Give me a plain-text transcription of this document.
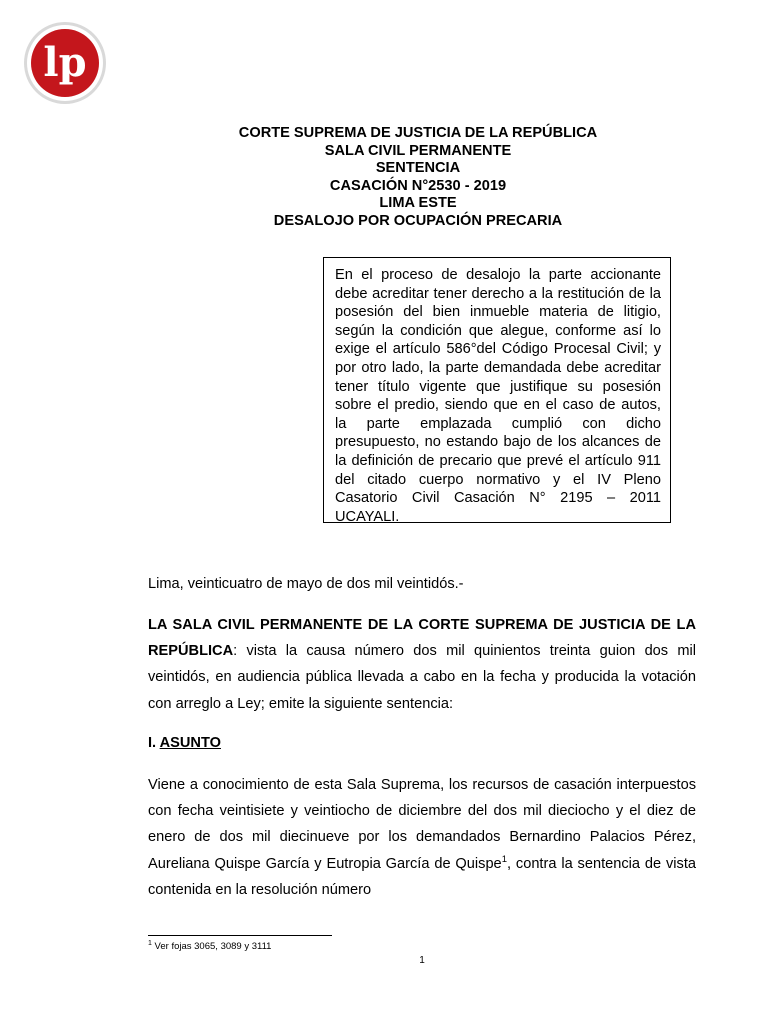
lp
CORTE SUPREMA DE JUSTICIA DE LA REPÚBLICA
SALA CIVIL PERMANENTE
SENTENCIA
CASACIÓN N°2530 - 2019
LIMA ESTE
DESALOJO POR OCUPACIÓN PRECARIA
En el proceso de desalojo la parte accionante debe acreditar tener derecho a la restitución de la posesión del bien inmueble materia de litigio, según la condición que alegue, conforme así lo exige el artículo 586°del Código Procesal Civil; y por otro lado, la parte demandada debe acreditar tener título vigente que justifique su posesión sobre el predio, siendo que en el caso de autos, la parte emplazada cumplió con dicho presupuesto, no estando bajo de los alcances de la definición de precario que prevé el artículo 911 del citado cuerpo normativo y el IV Pleno Casatorio Civil Casación N° 2195 – 2011 UCAYALI.
Lima, veinticuatro de mayo de dos mil veintidós.-
LA SALA CIVIL PERMANENTE DE LA CORTE SUPREMA DE JUSTICIA DE LA REPÚBLICA: vista la causa número dos mil quinientos treinta guion dos mil veintidós, en audiencia pública llevada a cabo en la fecha y producida la votación con arreglo a Ley; emite la siguiente sentencia:
I. ASUNTO
Viene a conocimiento de esta Sala Suprema, los recursos de casación interpuestos con fecha veintisiete y veintiocho de diciembre del dos mil dieciocho y el diez de enero de dos mil diecinueve por los demandados Bernardino Palacios Pérez, Aureliana Quispe García y Eutropia García de Quispe$^1$, contra la sentencia de vista contenida en la resolución número
$^1$ Ver fojas 3065, 3089 y 3111
1
